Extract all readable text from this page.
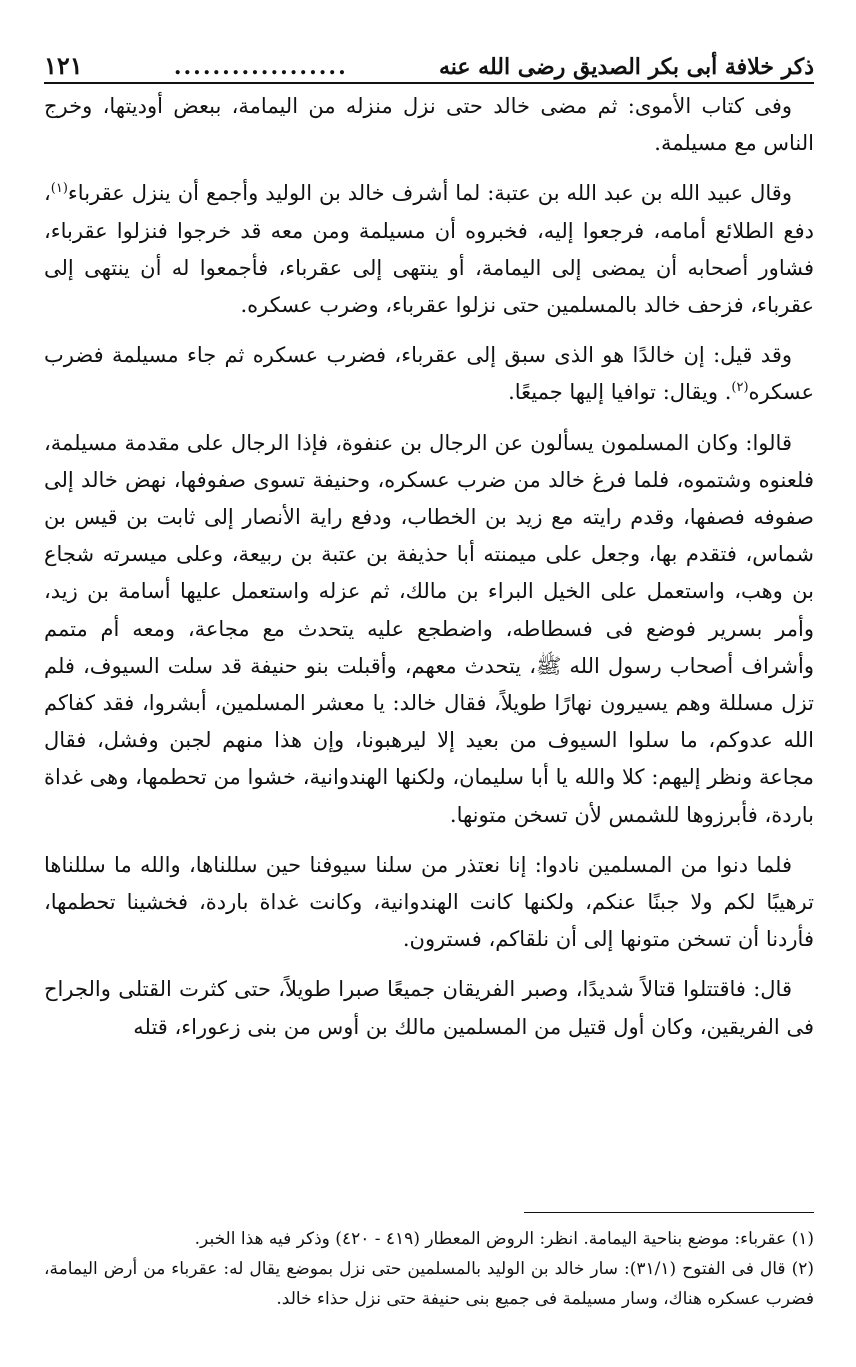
ذكر خلافة أبى بكر الصديق رضى الله عنه
..................
١٢١

وفى كتاب الأموى: ثم مضى خالد حتى نزل منزله من اليمامة، ببعض أوديتها، وخرج الناس مع مسيلمة.

وقال عبيد الله بن عبد الله بن عتبة: لما أشرف خالد بن الوليد وأجمع أن ينزل عقرباء$^{(١)}$، دفع الطلائع أمامه، فرجعوا إليه، فخبروه أن مسيلمة ومن معه قد خرجوا فنزلوا عقرباء، فشاور أصحابه أن يمضى إلى اليمامة، أو ينتهى إلى عقرباء، فأجمعوا له أن ينتهى إلى عقرباء، فزحف خالد بالمسلمين حتى نزلوا عقرباء، وضرب عسكره.

وقد قيل: إن خالدًا هو الذى سبق إلى عقرباء، فضرب عسكره ثم جاء مسيلمة فضرب عسكره$^{(٢)}$. ويقال: توافيا إليها جميعًا.

قالوا: وكان المسلمون يسألون عن الرجال بن عنفوة، فإذا الرجال على مقدمة مسيلمة، فلعنوه وشتموه، فلما فرغ خالد من ضرب عسكره، وحنيفة تسوى صفوفها، نهض خالد إلى صفوفه فصفها، وقدم رايته مع زيد بن الخطاب، ودفع راية الأنصار إلى ثابت بن قيس بن شماس، فتقدم بها، وجعل على ميمنته أبا حذيفة بن عتبة بن ربيعة، وعلى ميسرته شجاع بن وهب، واستعمل على الخيل البراء بن مالك، ثم عزله واستعمل عليها أسامة بن زيد، وأمر بسرير فوضع فى فسطاطه، واضطجع عليه يتحدث مع مجاعة، ومعه أم متمم وأشراف أصحاب رسول الله ﷺ، يتحدث معهم، وأقبلت بنو حنيفة قد سلت السيوف، فلم تزل مسللة وهم يسيرون نهارًا طويلاً، فقال خالد: يا معشر المسلمين، أبشروا، فقد كفاكم الله عدوكم، ما سلوا السيوف من بعيد إلا ليرهبونا، وإن هذا منهم لجبن وفشل، فقال مجاعة ونظر إليهم: كلا والله يا أبا سليمان، ولكنها الهندوانية، خشوا من تحطمها، وهى غداة باردة، فأبرزوها للشمس لأن تسخن متونها.

فلما دنوا من المسلمين نادوا: إنا نعتذر من سلنا سيوفنا حين سللناها، والله ما سللناها ترهيبًا لكم ولا جبنًا عنكم، ولكنها كانت الهندوانية، وكانت غداة باردة، فخشينا تحطمها، فأردنا أن تسخن متونها إلى أن نلقاكم، فسترون.

قال: فاقتتلوا قتالاً شديدًا، وصبر الفريقان جميعًا صبرا طويلاً، حتى كثرت القتلى والجراح فى الفريقين، وكان أول قتيل من المسلمين مالك بن أوس من بنى زعوراء، قتله

(١) عقرباء: موضع بناحية اليمامة. انظر: الروض المعطار (٤١٩ - ٤٢٠) وذكر فيه هذا الخبر.

(٢) قال فى الفتوح (٣١/١): سار خالد بن الوليد بالمسلمين حتى نزل بموضع يقال له: عقرباء من أرض اليمامة، فضرب عسكره هناك، وسار مسيلمة فى جميع بنى حنيفة حتى نزل حذاء خالد.
